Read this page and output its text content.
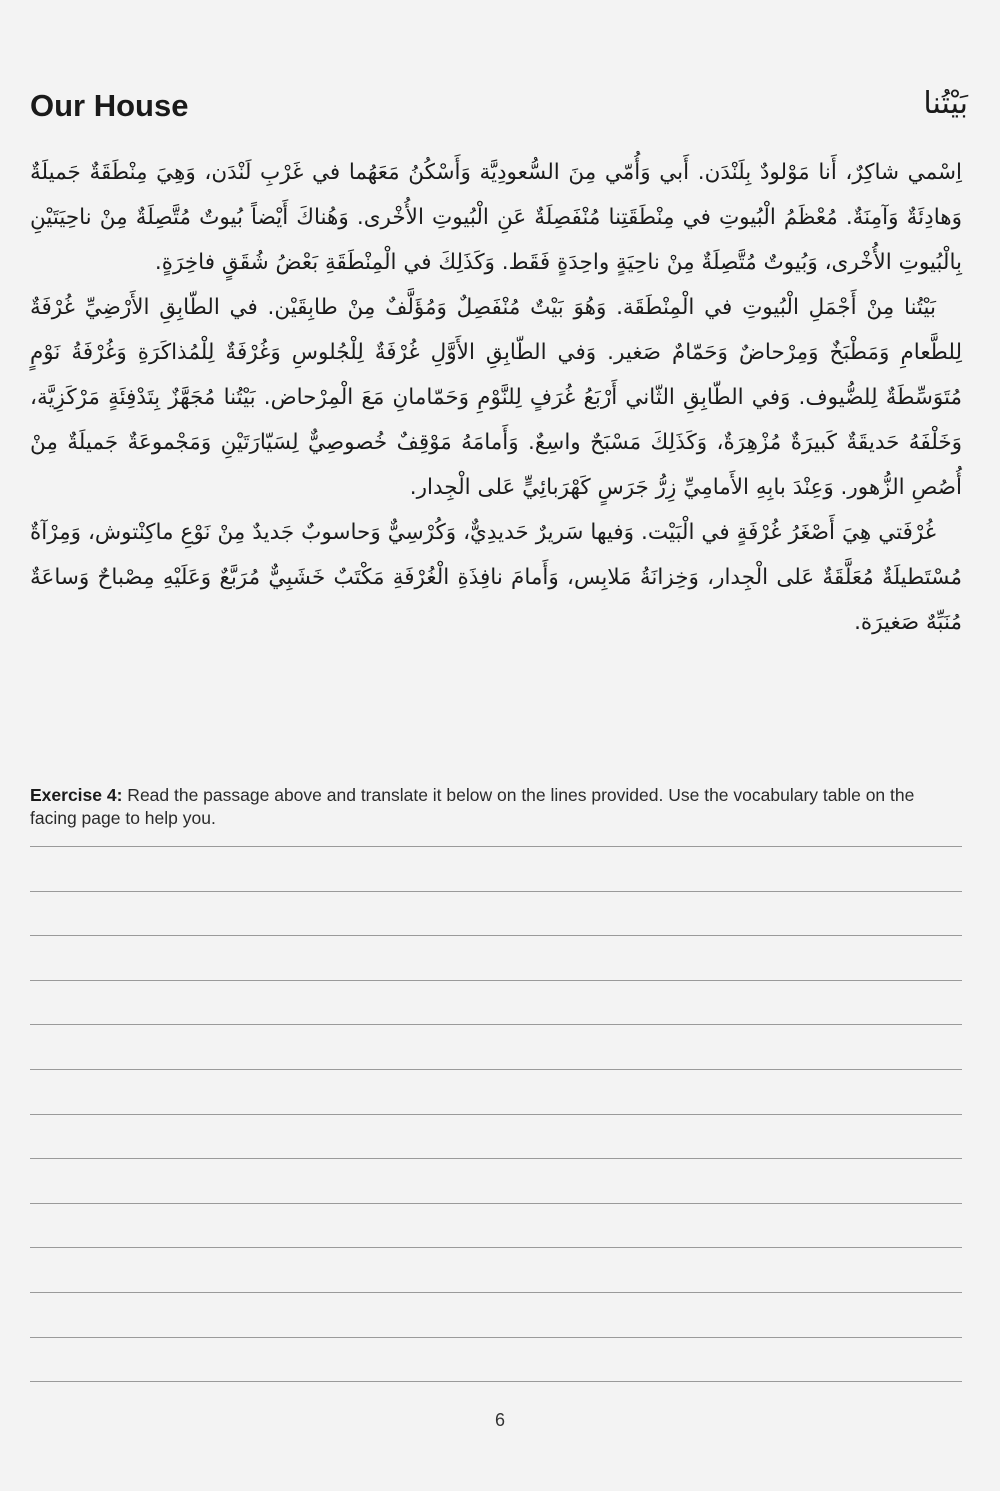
Our House	بَيْتُنا

اِسْمي شاكِرٌ، أَنا مَوْلودٌ بِلَنْدَن. أَبي وَأُمّي مِنَ السُّعودِيَّة وَأَسْكُنُ مَعَهُما في غَرْبِ لَنْدَن، وَهِيَ مِنْطَقَةٌ جَميلَةٌ وَهادِئَةٌ وَآمِنَةٌ. مُعْظَمُ الْبُيوتِ في مِنْطَقَتِنا مُنْفَصِلَةٌ عَنِ الْبُيوتِ الأُخْرى. وَهُناكَ أَيْضاً بُيوتٌ مُتَّصِلَةٌ مِنْ ناحِيَتَيْنِ بِالْبُيوتِ الأُخْرى، وَبُيوتٌ مُتَّصِلَةٌ مِنْ ناحِيَةٍ واحِدَةٍ فَقَط. وَكَذَلِكَ في الْمِنْطَقَةِ بَعْضُ شُقَقٍ فاخِرَةٍ.

بَيْتُنا مِنْ أَجْمَلِ الْبُيوتِ في الْمِنْطَقَة. وَهُوَ بَيْتٌ مُنْفَصِلٌ وَمُؤَلَّفٌ مِنْ طابِقَيْن. في الطّابِقِ الأَرْضِيِّ غُرْفَةٌ لِلطَّعامِ وَمَطْبَخٌ وَمِرْحاضٌ وَحَمّامٌ صَغير. وَفي الطّابِقِ الأَوَّلِ غُرْفَةٌ لِلْجُلوسِ وَغُرْفَةٌ لِلْمُذاكَرَةِ وَغُرْفَةُ نَوْمٍ مُتَوَسِّطَةٌ لِلضُّيوف. وَفي الطّابِقِ الثّاني أَرْبَعُ غُرَفٍ لِلنَّوْمِ وَحَمّامانِ مَعَ الْمِرْحاض. بَيْتُنا مُجَهَّزٌ بِتَدْفِئَةٍ مَرْكَزِيَّة، وَخَلْفَهُ حَديقَةٌ كَبيرَةٌ مُزْهِرَةٌ، وَكَذَلِكَ مَسْبَحٌ واسِعٌ. وَأَمامَهُ مَوْقِفٌ خُصوصِيٌّ لِسَيّارَتَيْنِ وَمَجْموعَةٌ جَميلَةٌ مِنْ أُصُصِ الزُّهور. وَعِنْدَ بابِهِ الأَمامِيِّ زِرُّ جَرَسٍ كَهْرَبائِيٍّ عَلى الْجِدار.

غُرْفَتي هِيَ أَصْغَرُ غُرْفَةٍ في الْبَيْت. وَفيها سَريرٌ حَديدِيٌّ، وَكُرْسِيٌّ وَحاسوبٌ جَديدٌ مِنْ نَوْعِ ماكِنْتوش، وَمِرْآةٌ مُسْتَطيلَةٌ مُعَلَّقَةٌ عَلى الْجِدار، وَخِزانَةُ مَلابِس، وَأَمامَ نافِذَةِ الْغُرْفَةِ مَكْتَبٌ خَشَبِيٌّ مُرَبَّعٌ وَعَلَيْهِ مِصْباحٌ وَساعَةٌ مُنَبِّهٌ صَغيرَة.

Exercise 4: Read the passage above and translate it below on the lines provided. Use the vocabulary table on the facing page to help you.
6
